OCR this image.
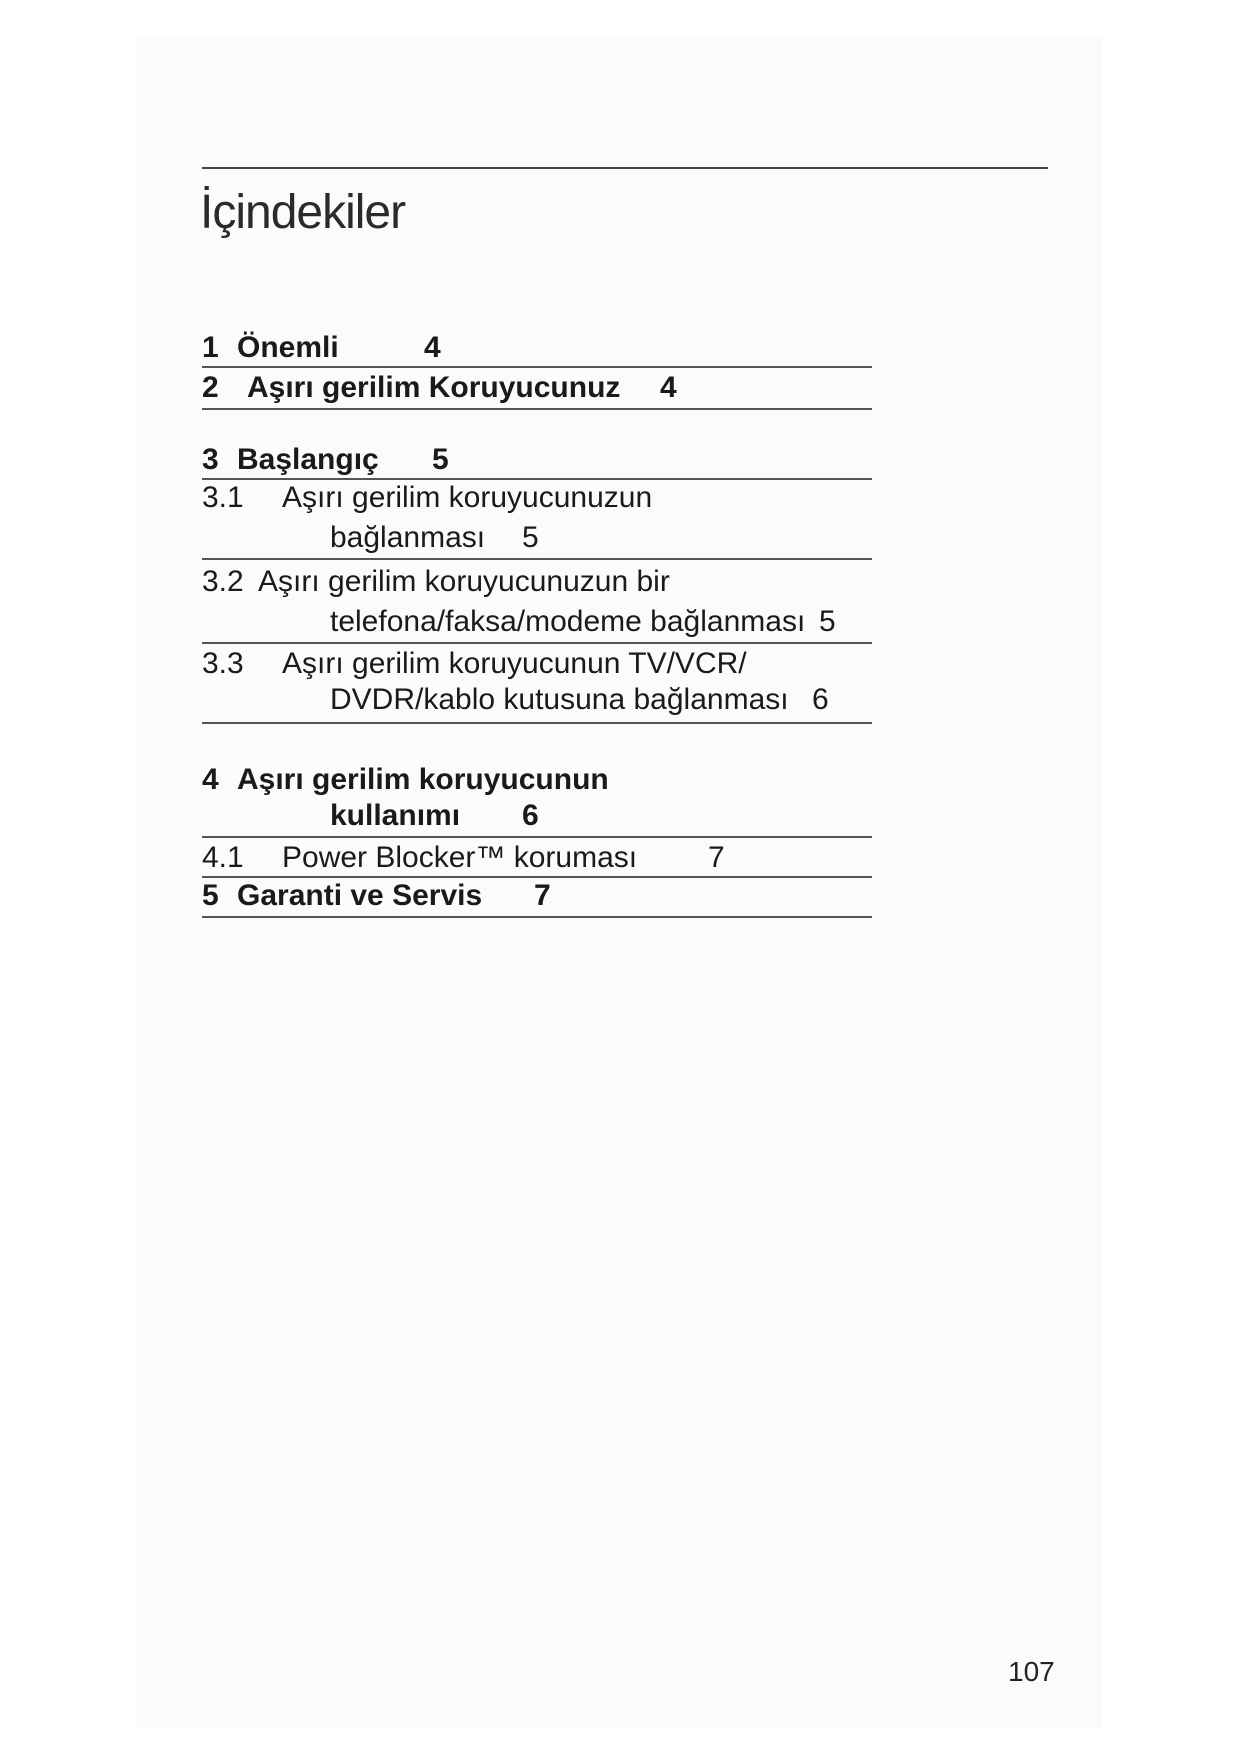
İçindekiler
1 Önemli	4
2 Aşırı gerilim Koruyucunuz 4
3 Başlangıç 5
3.1 Aşırı gerilim koruyucunuzun
bağlanması 5
3.2 Aşırı gerilim koruyucunuzun bir
telefona/faksa/modeme bağlanması 5
3.3 Aşırı gerilim koruyucunun TV/VCR/
DVDR/kablo kutusuna bağlanması 6
4 Aşırı gerilim koruyucunun
kullanımı 6
4.1 Power Blocker™ koruması 7
5 Garanti ve Servis 7
107
